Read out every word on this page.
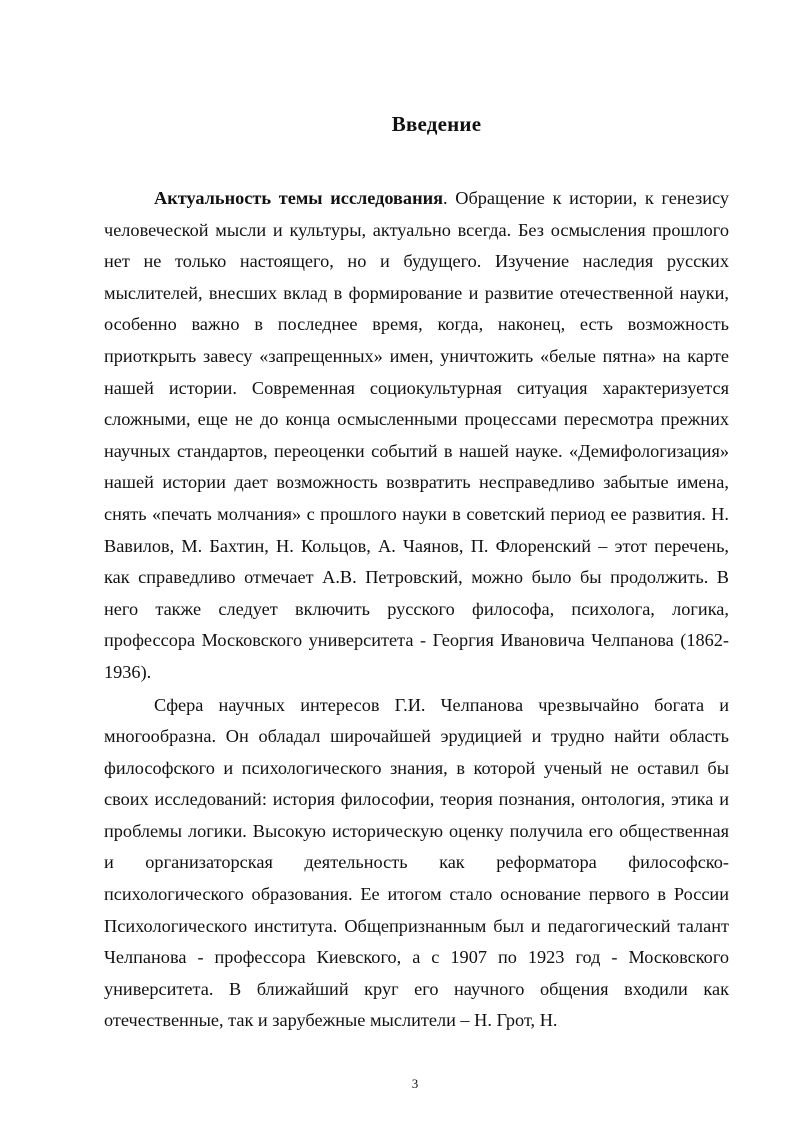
Введение

Актуальность темы исследования. Обращение к истории, к генезису человеческой мысли и культуры, актуально всегда. Без осмысления прошлого нет не только настоящего, но и будущего. Изучение наследия русских мыслителей, внесших вклад в формирование и развитие отечественной науки, особенно важно в последнее время, когда, наконец, есть возможность приоткрыть завесу «запрещенных» имен, уничтожить «белые пятна» на карте нашей истории. Современная социокультурная ситуация характеризуется сложными, еще не до конца осмысленными процессами пересмотра прежних научных стандартов, переоценки событий в нашей науке. «Демифологизация» нашей истории дает возможность возвратить несправедливо забытые имена, снять «печать молчания» с прошлого науки в советский период ее развития. Н. Вавилов, М. Бахтин, Н. Кольцов, А. Чаянов, П. Флоренский – этот перечень, как справедливо отмечает А.В. Петровский, можно было бы продолжить. В него также следует включить русского философа, психолога, логика, профессора Московского университета - Георгия Ивановича Челпанова (1862-1936).

Сфера научных интересов Г.И. Челпанова чрезвычайно богата и многообразна. Он обладал широчайшей эрудицией и трудно найти область философского и психологического знания, в которой ученый не оставил бы своих исследований: история философии, теория познания, онтология, этика и проблемы логики. Высокую историческую оценку получила его общественная и организаторская деятельность как реформатора философско-психологического образования. Ее итогом стало основание первого в России Психологического института. Общепризнанным был и педагогический талант Челпанова - профессора Киевского, а с 1907 по 1923 год - Московского университета. В ближайший круг его научного общения входили как отечественные, так и зарубежные мыслители – Н. Грот, Н.

3
